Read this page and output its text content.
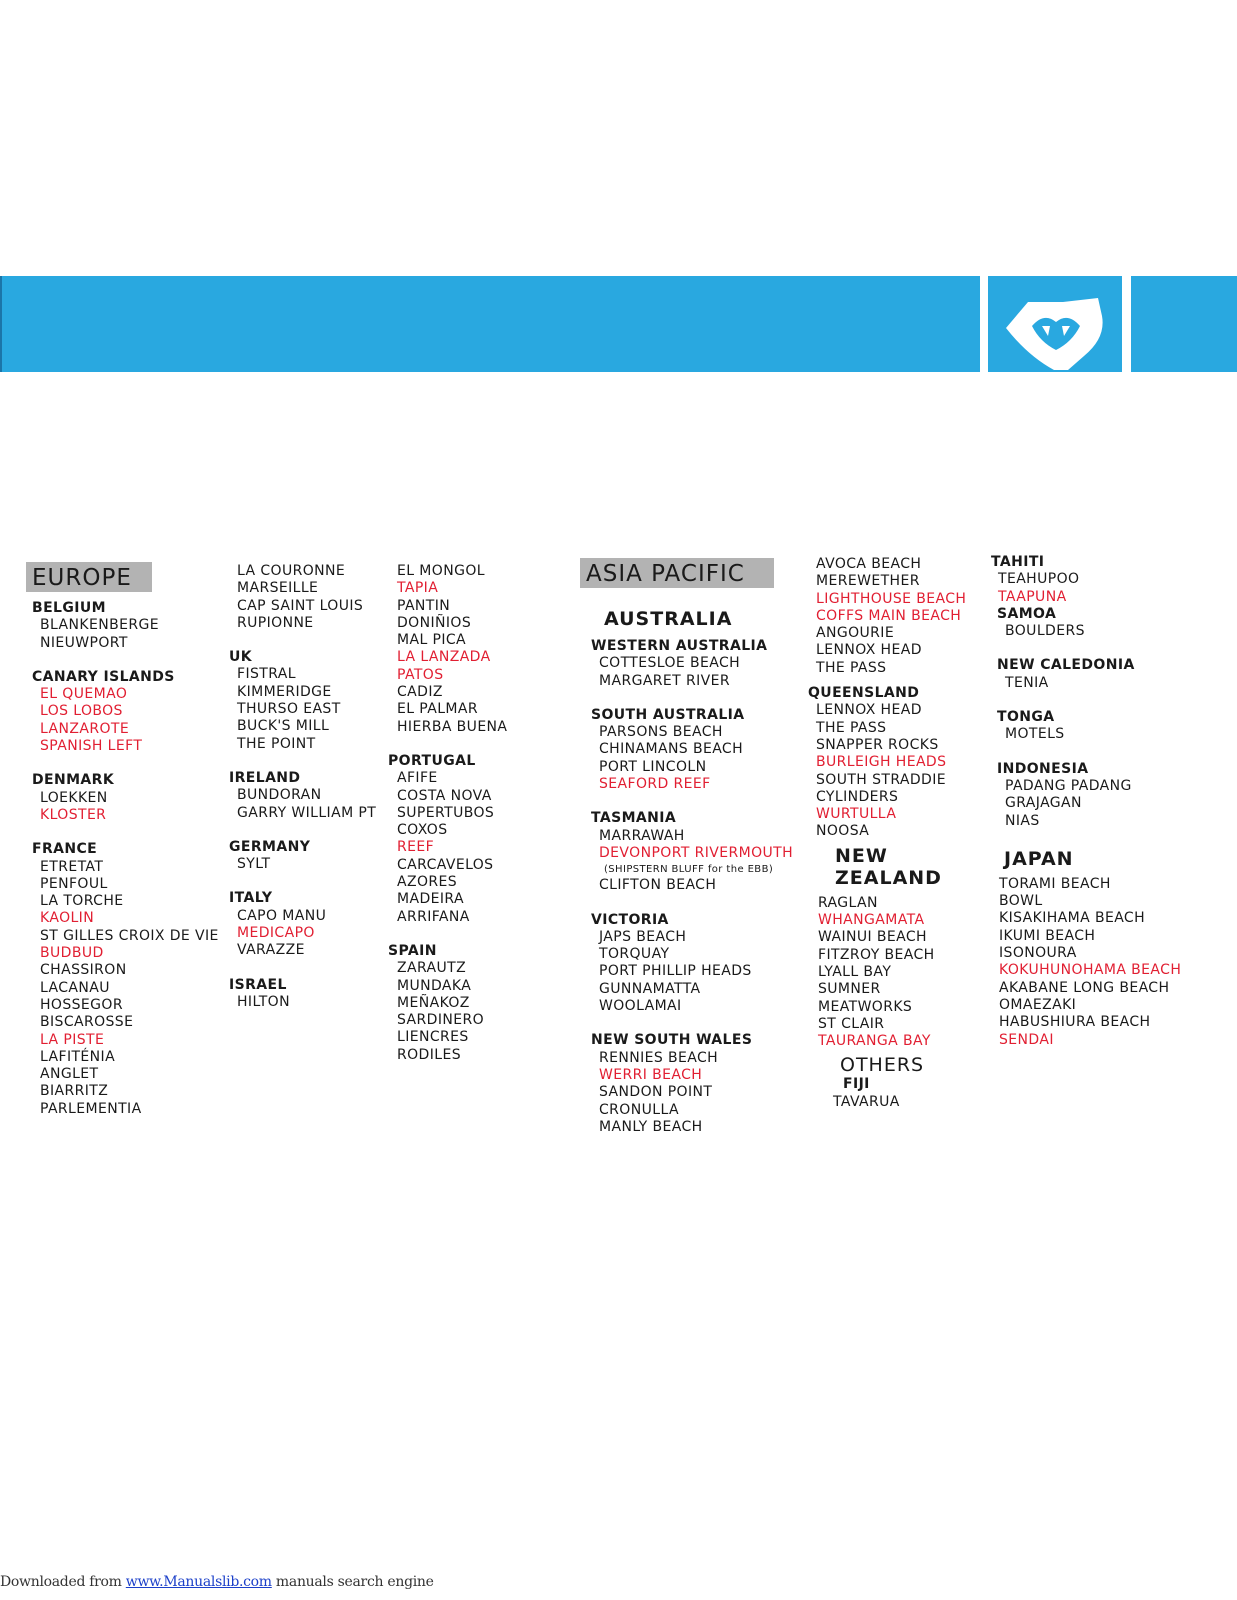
EUROPE
BELGIUM
BLANKENBERGE
NIEUWPORT
CANARY ISLANDS
EL QUEMAO
LOS LOBOS
LANZAROTE
SPANISH LEFT
DENMARK
LOEKKEN
KLOSTER
FRANCE
ETRETAT
PENFOUL
LA TORCHE
KAOLIN
ST GILLES CROIX DE VIE
BUDBUD
CHASSIRON
LACANAU
HOSSEGOR
BISCAROSSE
LA PISTE
LAFITÉNIA
ANGLET
BIARRITZ
PARLEMENTIA
LA COURONNE
MARSEILLE
CAP SAINT LOUIS
RUPIONNE
UK
FISTRAL
KIMMERIDGE
THURSO EAST
BUCK'S MILL
THE POINT
IRELAND
BUNDORAN
GARRY WILLIAM PT
GERMANY
SYLT
ITALY
CAPO MANU
MEDICAPO
VARAZZE
ISRAEL
HILTON
EL MONGOL
TAPIA
PANTIN
DONIÑIOS
MAL PICA
LA LANZADA
PATOS
CADIZ
EL PALMAR
HIERBA BUENA
PORTUGAL
AFIFE
COSTA NOVA
SUPERTUBOS
COXOS
REEF
CARCAVELOS
AZORES
MADEIRA
ARRIFANA
SPAIN
ZARAUTZ
MUNDAKA
MEÑAKOZ
SARDINERO
LIENCRES
RODILES
ASIA PACIFIC
AUSTRALIA
WESTERN AUSTRALIA
COTTESLOE BEACH
MARGARET RIVER
SOUTH AUSTRALIA
PARSONS BEACH
CHINAMANS BEACH
PORT LINCOLN
SEAFORD REEF
TASMANIA
MARRAWAH
DEVONPORT RIVERMOUTH
(SHIPSTERN BLUFF for the EBB)
CLIFTON BEACH
VICTORIA
JAPS BEACH
TORQUAY
PORT PHILLIP HEADS
GUNNAMATTA
WOOLAMAI
NEW SOUTH WALES
RENNIES BEACH
WERRI BEACH
SANDON POINT
CRONULLA
MANLY BEACH
AVOCA BEACH
MEREWETHER
LIGHTHOUSE BEACH
COFFS MAIN BEACH
ANGOURIE
LENNOX HEAD
THE PASS
QUEENSLAND
LENNOX HEAD
THE PASS
SNAPPER ROCKS
BURLEIGH HEADS
SOUTH STRADDIE
CYLINDERS
WURTULLA
NOOSA
NEW ZEALAND
RAGLAN
WHANGAMATA
WAINUI BEACH
FITZROY BEACH
LYALL BAY
SUMNER
MEATWORKS
ST CLAIR
TAURANGA BAY
OTHERS
FIJI
TAVARUA
TAHITI
TEAHUPOO
TAAPUNA
SAMOA
BOULDERS
NEW CALEDONIA
TENIA
TONGA
MOTELS
INDONESIA
PADANG PADANG
GRAJAGAN
NIAS
JAPAN
TORAMI BEACH
BOWL
KISAKIHAMA BEACH
IKUMI BEACH
ISONOURA
KOKUHUNOHAMA BEACH
AKABANE LONG BEACH
OMAEZAKI
HABUSHIURA BEACH
SENDAI
Downloaded from www.Manualslib.com manuals search engine
